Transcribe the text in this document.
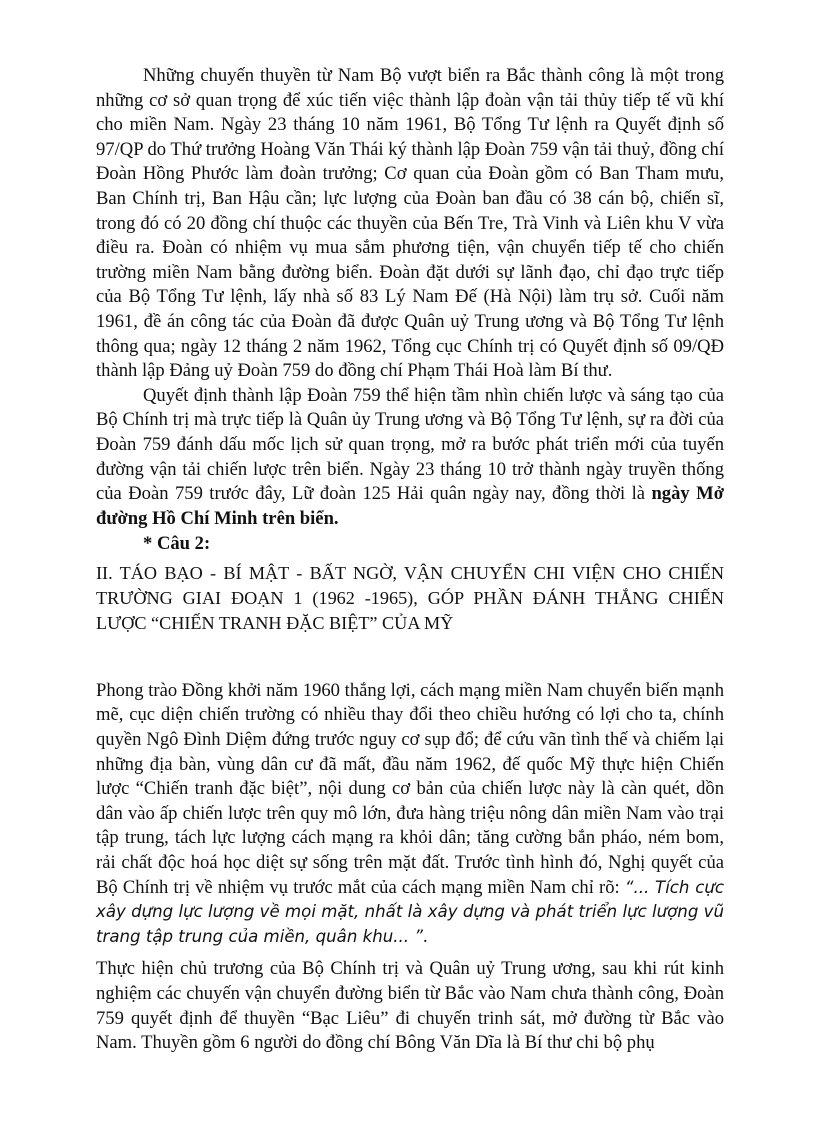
Những chuyến thuyền từ Nam Bộ vượt biển ra Bắc thành công là một trong những cơ sở quan trọng để xúc tiến việc thành lập đoàn vận tải thủy tiếp tế vũ khí cho miền Nam. Ngày 23 tháng 10 năm 1961, Bộ Tổng Tư lệnh ra Quyết định số 97/QP do Thứ trưởng Hoàng Văn Thái ký thành lập Đoàn 759 vận tải thuỷ, đồng chí Đoàn Hồng Phước làm đoàn trưởng; Cơ quan của Đoàn gồm có Ban Tham mưu, Ban Chính trị, Ban Hậu cần; lực lượng của Đoàn ban đầu có 38 cán bộ, chiến sĩ, trong đó có 20 đồng chí thuộc các thuyền của Bến Tre, Trà Vinh và Liên khu V vừa điều ra. Đoàn có nhiệm vụ mua sắm phương tiện, vận chuyển tiếp tế cho chiến trường miền Nam bằng đường biển. Đoàn đặt dưới sự lãnh đạo, chỉ đạo trực tiếp của Bộ Tổng Tư lệnh, lấy nhà số 83 Lý Nam Đế (Hà Nội) làm trụ sở. Cuối năm 1961, đề án công tác của Đoàn đã được Quân uỷ Trung ương và Bộ Tổng Tư lệnh thông qua; ngày 12 tháng 2 năm 1962, Tổng cục Chính trị có Quyết định số 09/QĐ thành lập Đảng uỷ Đoàn 759 do đồng chí Phạm Thái Hoà làm Bí thư.

Quyết định thành lập Đoàn 759 thể hiện tầm nhìn chiến lược và sáng tạo của Bộ Chính trị mà trực tiếp là Quân ủy Trung ương và Bộ Tổng Tư lệnh, sự ra đời của Đoàn 759 đánh dấu mốc lịch sử quan trọng, mở ra bước phát triển mới của tuyến đường vận tải chiến lược trên biển. Ngày 23 tháng 10 trở thành ngày truyền thống của Đoàn 759 trước đây, Lữ đoàn 125 Hải quân ngày nay, đồng thời là ngày Mở đường Hồ Chí Minh trên biển.

* Câu 2:

II. TÁO BẠO - BÍ MẬT - BẤT NGỜ, VẬN CHUYỂN CHI VIỆN CHO CHIẾN TRƯỜNG GIAI ĐOẠN 1 (1962 -1965), GÓP PHẦN ĐÁNH THẮNG CHIẾN LƯỢC “CHIẾN TRANH ĐẶC BIỆT” CỦA MỸ

Phong trào Đồng khởi năm 1960 thắng lợi, cách mạng miền Nam chuyển biến mạnh mẽ, cục diện chiến trường có nhiều thay đổi theo chiều hướng có lợi cho ta, chính quyền Ngô Đình Diệm đứng trước nguy cơ sụp đổ; để cứu vãn tình thế và chiếm lại những địa bàn, vùng dân cư đã mất, đầu năm 1962, đế quốc Mỹ thực hiện Chiến lược “Chiến tranh đặc biệt”, nội dung cơ bản của chiến lược này là càn quét, dồn dân vào ấp chiến lược trên quy mô lớn, đưa hàng triệu nông dân miền Nam vào trại tập trung, tách lực lượng cách mạng ra khỏi dân; tăng cường bắn pháo, ném bom, rải chất độc hoá học diệt sự sống trên mặt đất. Trước tình hình đó, Nghị quyết của Bộ Chính trị về nhiệm vụ trước mắt của cách mạng miền Nam chỉ rõ: “... Tích cực xây dựng lực lượng về mọi mặt, nhất là xây dựng và phát triển lực lượng vũ trang tập trung của miền, quân khu... ”.

Thực hiện chủ trương của Bộ Chính trị và Quân uỷ Trung ương, sau khi rút kinh nghiệm các chuyến vận chuyển đường biển từ Bắc vào Nam chưa thành công, Đoàn 759 quyết định để thuyền “Bạc Liêu” đi chuyến trinh sát, mở đường từ Bắc vào Nam. Thuyền gồm 6 người do đồng chí Bông Văn Dĩa là Bí thư chi bộ phụ
